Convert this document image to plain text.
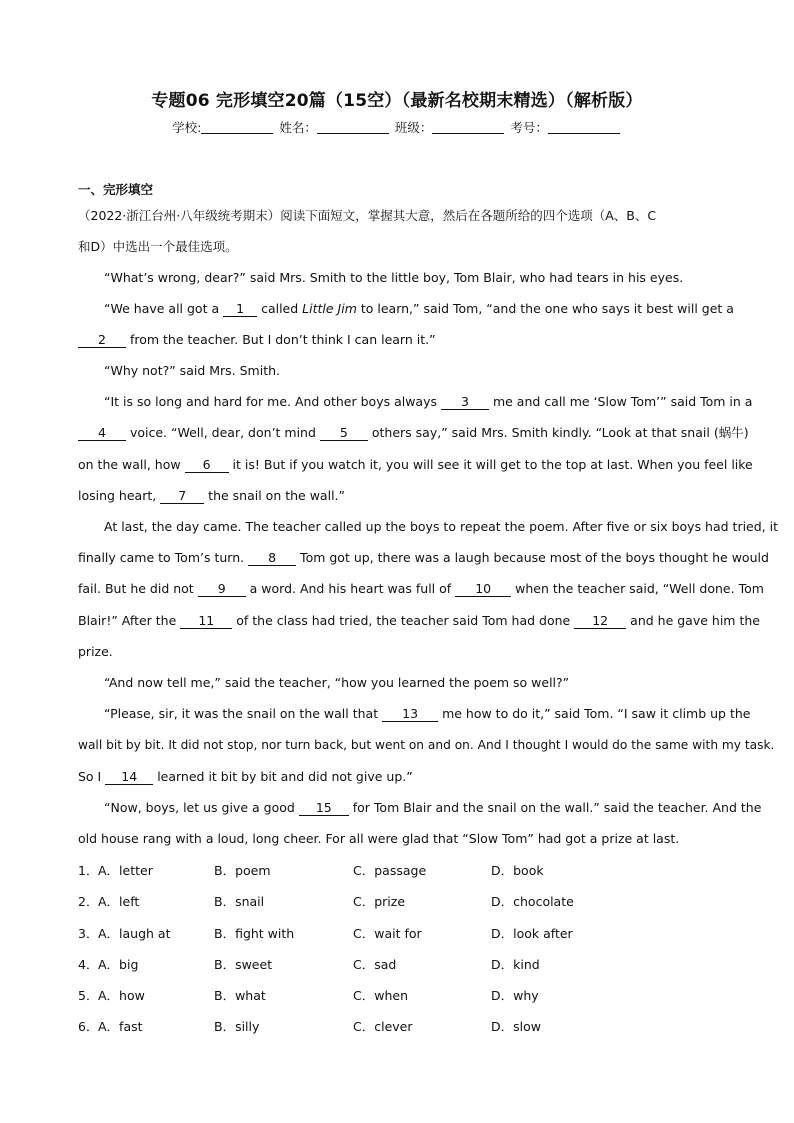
专题06 完形填空20篇（15空）（最新名校期末精选）（解析版）
学校:	姓名：	班级：	考号：
一、完形填空
（2022·浙江台州·八年级统考期末）阅读下面短文，掌握其大意，然后在各题所给的四个选项（A、B、C
和D）中选出一个最佳选项。
“What’s wrong, dear?” said Mrs. Smith to the little boy, Tom Blair, who had tears in his eyes.
“We have all got a 1 called Little Jim to learn,” said Tom, “and the one who says it best will get a
2 from the teacher. But I don’t think I can learn it.”
“Why not?” said Mrs. Smith.
“It is so long and hard for me. And other boys always 3 me and call me ‘Slow Tom’” said Tom in a
4 voice. “Well, dear, don’t mind 5 others say,” said Mrs. Smith kindly. “Look at that snail (蜗牛)
on the wall, how 6 it is! But if you watch it, you will see it will get to the top at last. When you feel like
losing heart, 7 the snail on the wall.”
At last, the day came. The teacher called up the boys to repeat the poem. After five or six boys had tried, it
finally came to Tom’s turn. 8 Tom got up, there was a laugh because most of the boys thought he would
fail. But he did not 9 a word. And his heart was full of 10 when the teacher said, “Well done. Tom
Blair!” After the 11 of the class had tried, the teacher said Tom had done 12 and he gave him the
prize.
“And now tell me,” said the teacher, “how you learned the poem so well?”
“Please, sir, it was the snail on the wall that 13 me how to do it,” said Tom. “I saw it climb up the
wall bit by bit. It did not stop, nor turn back, but went on and on. And I thought I would do the same with my task.
So I 14 learned it bit by bit and did not give up.”
“Now, boys, let us give a good 15 for Tom Blair and the snail on the wall.” said the teacher. And the
old house rang with a loud, long cheer. For all were glad that “Slow Tom” had got a prize at last.
1． A．letter	B．poem	C．passage	D．book
2． A．left	B．snail	C．prize	D．chocolate
3． A．laugh at	B．fight with	C．wait for	D．look after
4． A．big	B．sweet	C．sad	D．kind
5． A．how	B．what	C．when	D．why
6． A．fast	B．silly	C．clever	D．slow
